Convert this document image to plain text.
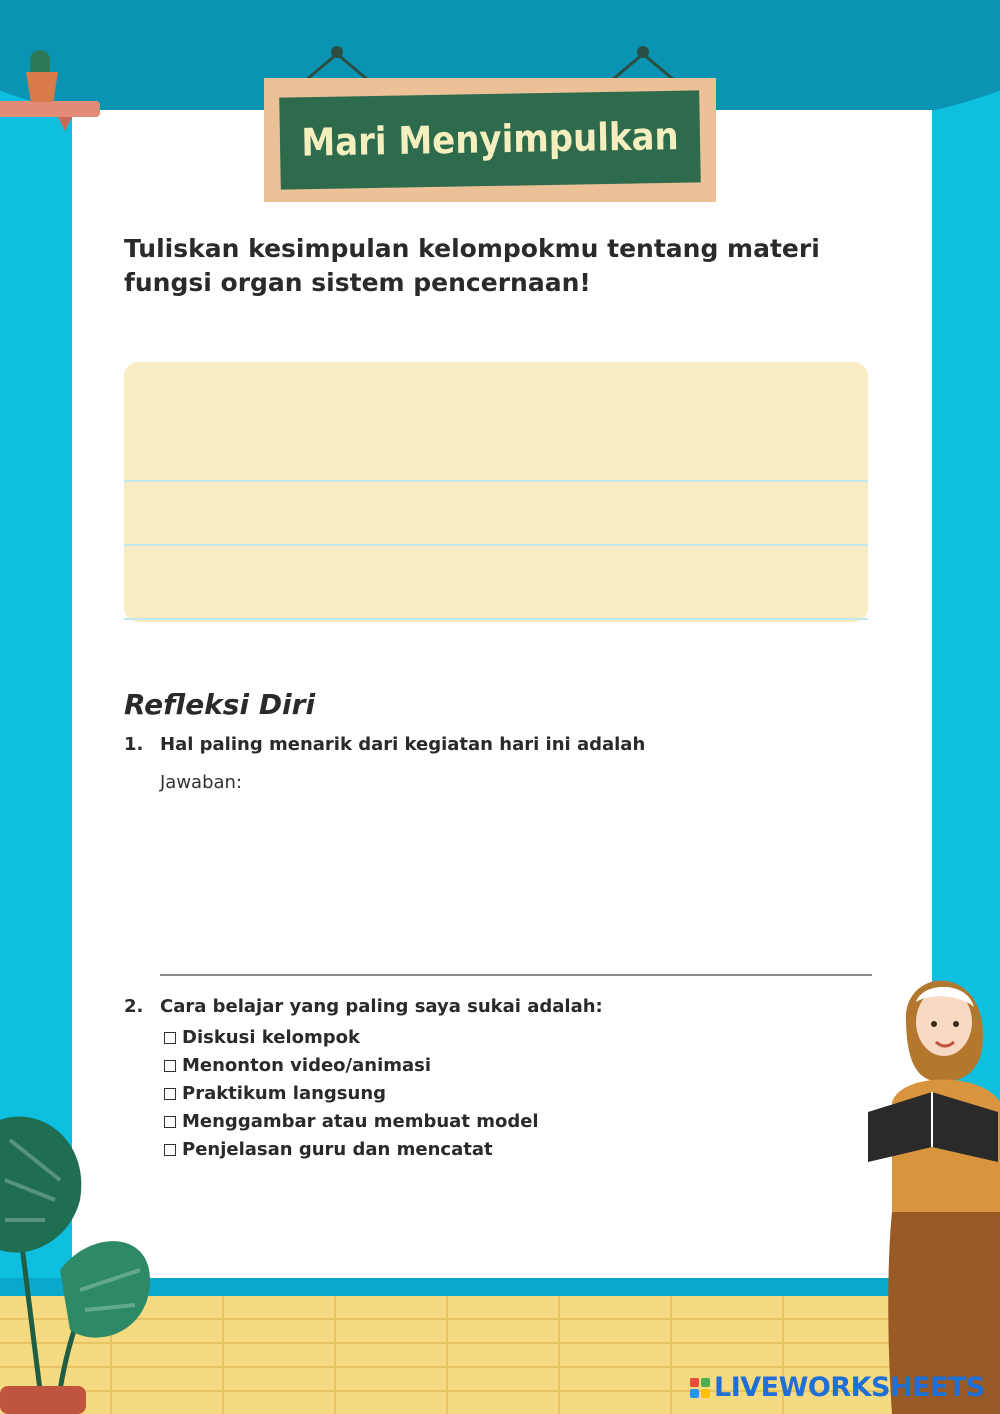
Mari Menyimpulkan

Tuliskan kesimpulan kelompokmu tentang materi fungsi organ sistem pencernaan!

Refleksi Diri
1. Hal paling menarik dari kegiatan hari ini adalah
Jawaban:
2. Cara belajar yang paling saya sukai adalah:
Diskusi kelompok
Menonton video/animasi
Praktikum langsung
Menggambar atau membuat model
Penjelasan guru dan mencatat
LIVEWORKSHEETS
